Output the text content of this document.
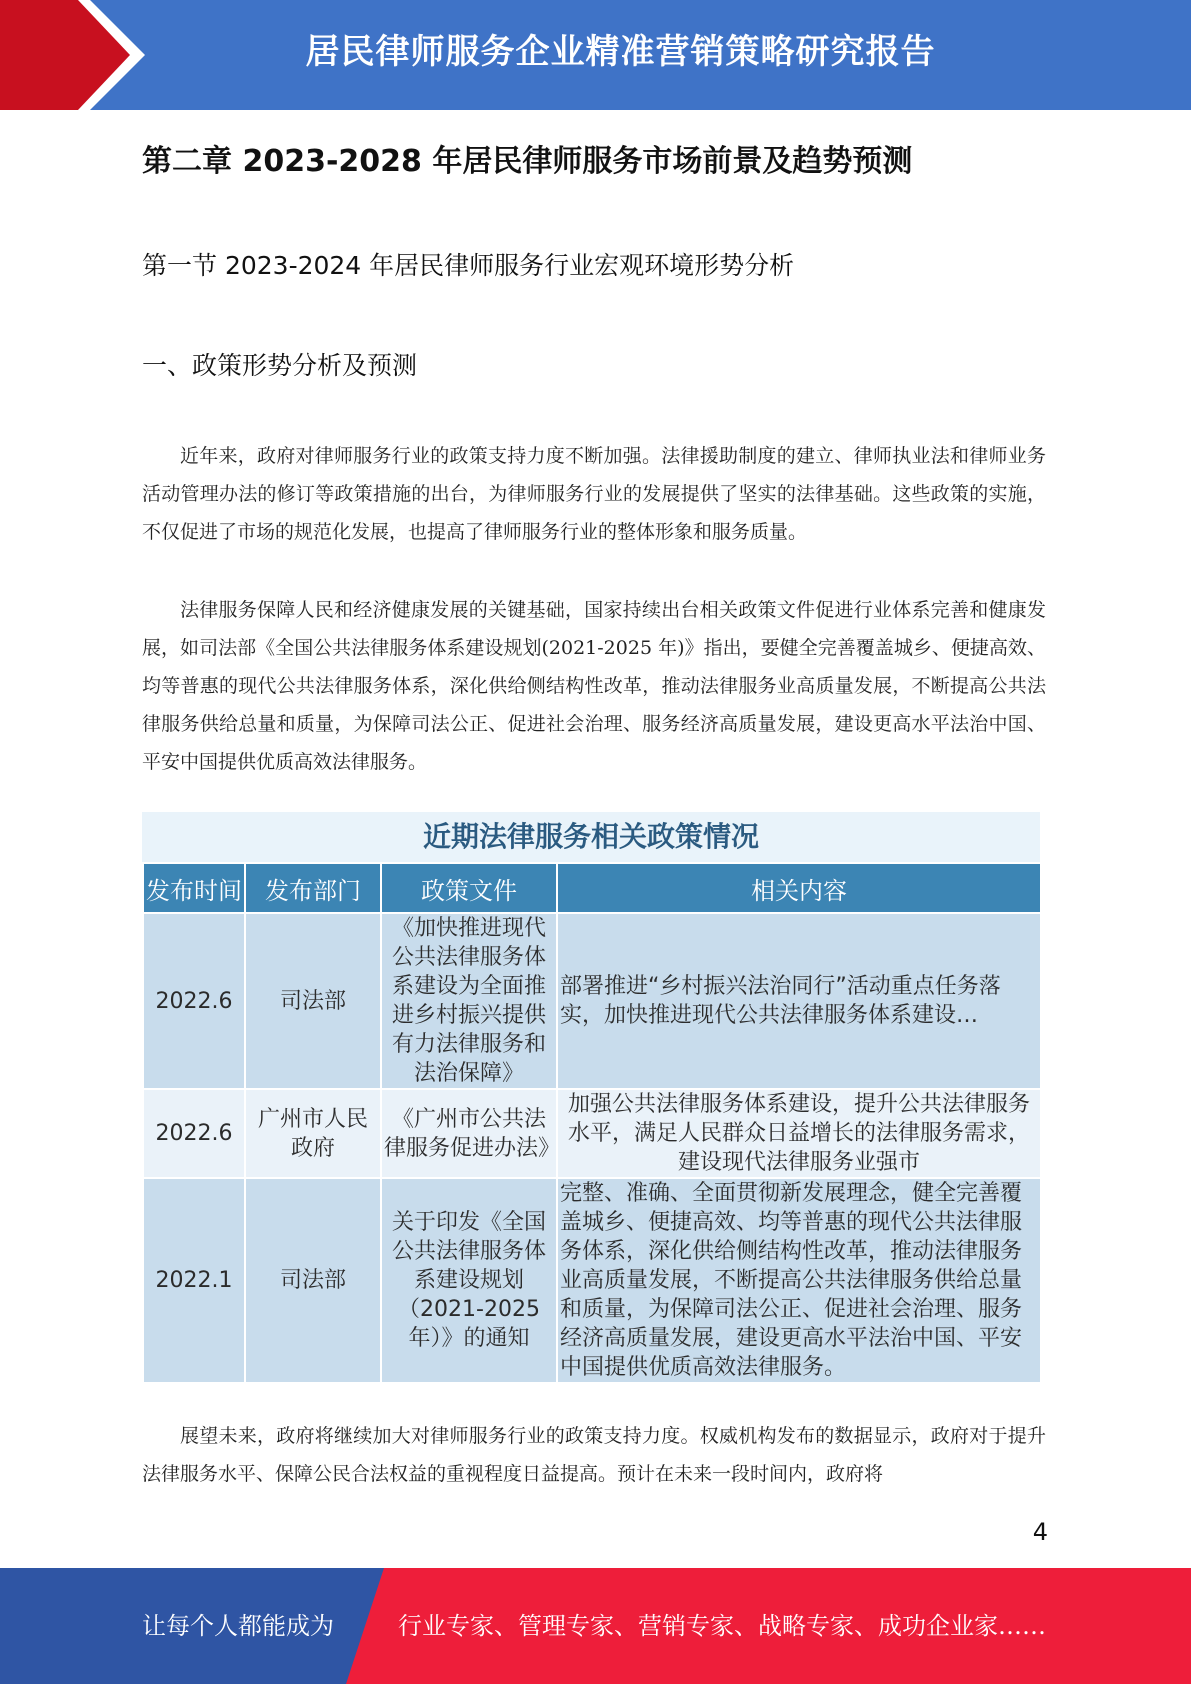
居民律师服务企业精准营销策略研究报告
第二章 2023-2028 年居民律师服务市场前景及趋势预测
第一节 2023-2024 年居民律师服务行业宏观环境形势分析
一、政策形势分析及预测

近年来，政府对律师服务行业的政策支持力度不断加强。法律援助制度的建立、律师执业法和律师业务活动管理办法的修订等政策措施的出台，为律师服务行业的发展提供了坚实的法律基础。这些政策的实施，不仅促进了市场的规范化发展，也提高了律师服务行业的整体形象和服务质量。

法律服务保障人民和经济健康发展的关键基础，国家持续出台相关政策文件促进行业体系完善和健康发展，如司法部《全国公共法律服务体系建设规划(2021-2025 年)》指出，要健全完善覆盖城乡、便捷高效、均等普惠的现代公共法律服务体系，深化供给侧结构性改革，推动法律服务业高质量发展，不断提高公共法律服务供给总量和质量，为保障司法公正、促进社会治理、服务经济高质量发展，建设更高水平法治中国、平安中国提供优质高效法律服务。

近期法律服务相关政策情况
发布时间	发布部门	政策文件	相关内容
2022.6	司法部	《加快推进现代公共法律服务体系建设为全面推进乡村振兴提供有力法律服务和法治保障》	部署推进“乡村振兴法治同行”活动重点任务落实，加快推进现代公共法律服务体系建设…
2022.6	广州市人民政府	《广州市公共法律服务促进办法》	加强公共法律服务体系建设，提升公共法律服务水平，满足人民群众日益增长的法律服务需求，建设现代法律服务业强市
2022.1	司法部	关于印发《全国公共法律服务体系建设规划（2021-2025年）》的通知	完整、准确、全面贯彻新发展理念，健全完善覆盖城乡、便捷高效、均等普惠的现代公共法律服务体系，深化供给侧结构性改革，推动法律服务业高质量发展，不断提高公共法律服务供给总量和质量，为保障司法公正、促进社会治理、服务经济高质量发展，建设更高水平法治中国、平安中国提供优质高效法律服务。

展望未来，政府将继续加大对律师服务行业的政策支持力度。权威机构发布的数据显示，政府对于提升法律服务水平、保障公民合法权益的重视程度日益提高。预计在未来一段时间内，政府将

4
让每个人都能成为	行业专家、管理专家、营销专家、战略专家、成功企业家……
